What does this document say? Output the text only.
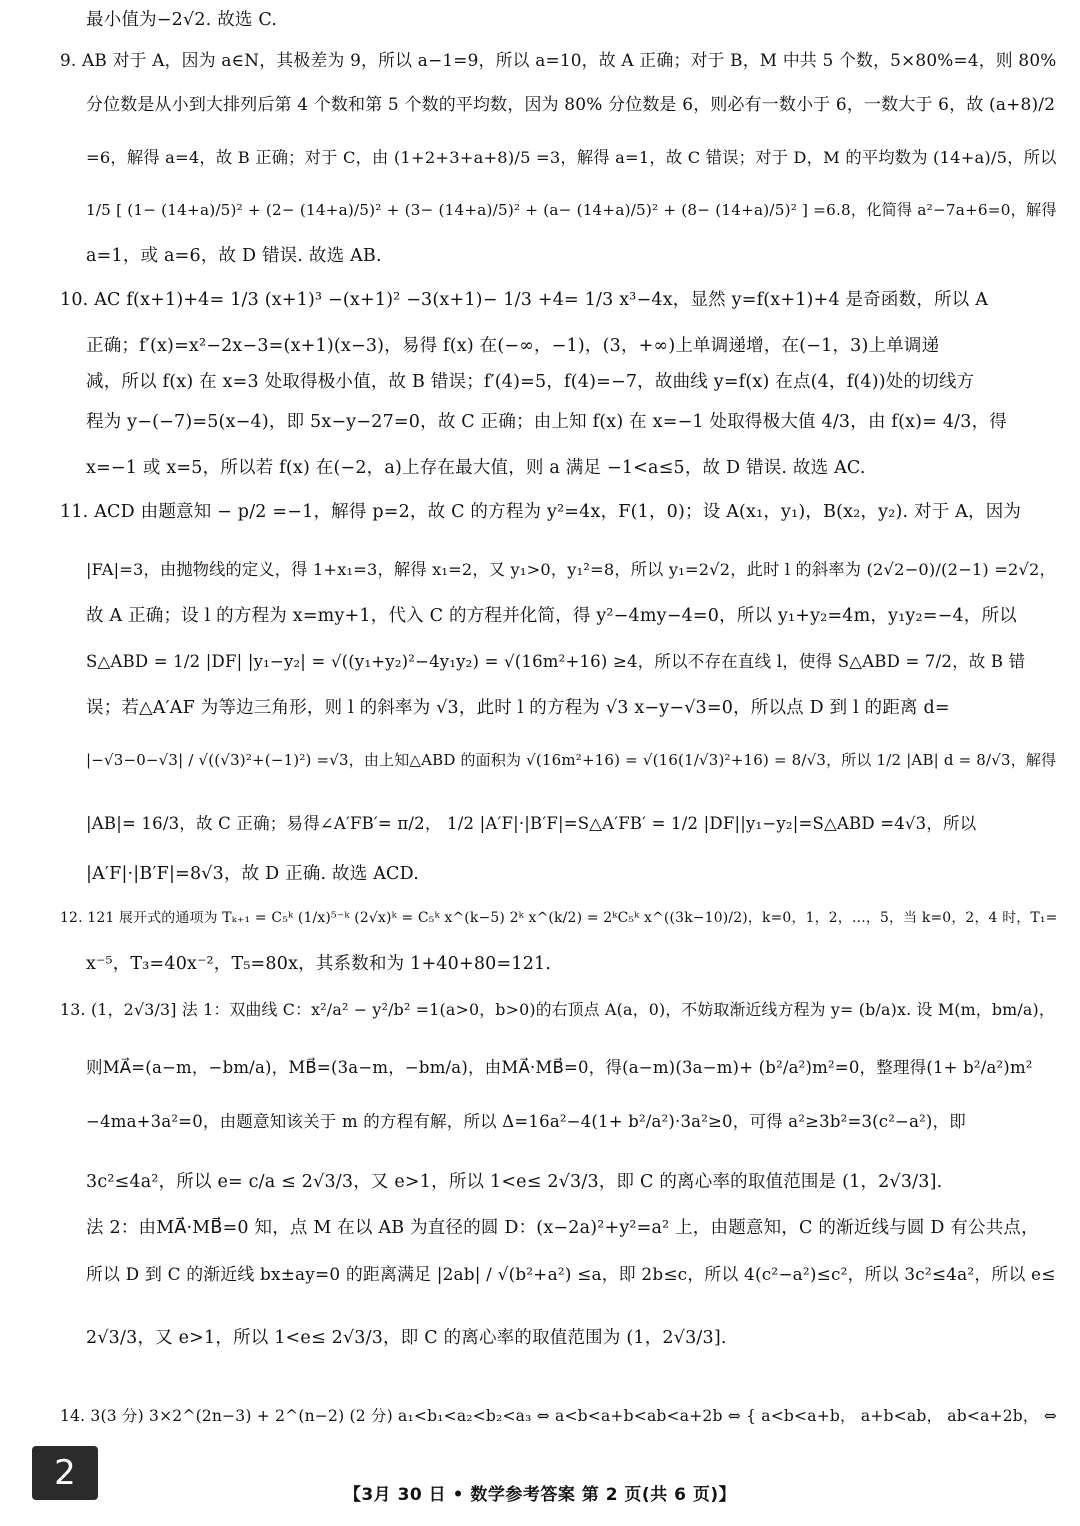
最小值为−2√2. 故选 C.
9. AB 对于 A，因为 a∈N，其极差为 9，所以 a−1=9，所以 a=10，故 A 正确；对于 B，M 中共 5 个数，5×80%=4，则 80%
分位数是从小到大排列后第 4 个数和第 5 个数的平均数，因为 80% 分位数是 6，则必有一数小于 6，一数大于 6，故 (a+8)/2
=6，解得 a=4，故 B 正确；对于 C，由 (1+2+3+a+8)/5 =3，解得 a=1，故 C 错误；对于 D，M 的平均数为 (14+a)/5，所以
1/5 [ (1− (14+a)/5)² + (2− (14+a)/5)² + (3− (14+a)/5)² + (a− (14+a)/5)² + (8− (14+a)/5)² ] =6.8，化简得 a²−7a+6=0，解得
a=1，或 a=6，故 D 错误. 故选 AB.
10. AC f(x+1)+4= 1/3 (x+1)³ −(x+1)² −3(x+1)− 1/3 +4= 1/3 x³−4x，显然 y=f(x+1)+4 是奇函数，所以 A
正确；f′(x)=x²−2x−3=(x+1)(x−3)，易得 f(x) 在(−∞，−1)，(3，+∞)上单调递增，在(−1，3)上单调递
减，所以 f(x) 在 x=3 处取得极小值，故 B 错误；f′(4)=5，f(4)=−7，故曲线 y=f(x) 在点(4，f(4))处的切线方
程为 y−(−7)=5(x−4)，即 5x−y−27=0，故 C 正确；由上知 f(x) 在 x=−1 处取得极大值 4/3，由 f(x)= 4/3，得
x=−1 或 x=5，所以若 f(x) 在(−2，a)上存在最大值，则 a 满足 −1<a≤5，故 D 错误. 故选 AC.
11. ACD 由题意知 − p/2 =−1，解得 p=2，故 C 的方程为 y²=4x，F(1，0)；设 A(x₁，y₁)，B(x₂，y₂). 对于 A，因为
|FA|=3，由抛物线的定义，得 1+x₁=3，解得 x₁=2，又 y₁>0，y₁²=8，所以 y₁=2√2，此时 l 的斜率为 (2√2−0)/(2−1) =2√2，
故 A 正确；设 l 的方程为 x=my+1，代入 C 的方程并化简，得 y²−4my−4=0，所以 y₁+y₂=4m，y₁y₂=−4，所以
S△ABD = 1/2 |DF| |y₁−y₂| = √((y₁+y₂)²−4y₁y₂) = √(16m²+16) ≥4，所以不存在直线 l，使得 S△ABD = 7/2，故 B 错
误；若△A′AF 为等边三角形，则 l 的斜率为 √3，此时 l 的方程为 √3 x−y−√3=0，所以点 D 到 l 的距离 d=
|−√3−0−√3| / √((√3)²+(−1)²) =√3，由上知△ABD 的面积为 √(16m²+16) = √(16(1/√3)²+16) = 8/√3，所以 1/2 |AB| d = 8/√3，解得
|AB|= 16/3，故 C 正确；易得∠A′FB′= π/2， 1/2 |A′F|·|B′F|=S△A′FB′ = 1/2 |DF||y₁−y₂|=S△ABD =4√3，所以
|A′F|·|B′F|=8√3，故 D 正确. 故选 ACD.
12. 121 展开式的通项为 Tₖ₊₁ = C₅ᵏ (1/x)⁵⁻ᵏ (2√x)ᵏ = C₅ᵏ x^(k−5) 2ᵏ x^(k/2) = 2ᵏC₅ᵏ x^((3k−10)/2)，k=0，1，2，…，5，当 k=0，2，4 时，T₁=
x⁻⁵，T₃=40x⁻²，T₅=80x，其系数和为 1+40+80=121.
13. (1，2√3/3] 法 1：双曲线 C：x²/a² − y²/b² =1(a>0，b>0)的右顶点 A(a，0)，不妨取渐近线方程为 y= (b/a)x. 设 M(m，bm/a)，
则MA⃗=(a−m，−bm/a)，MB⃗=(3a−m，−bm/a)，由MA⃗·MB⃗=0，得(a−m)(3a−m)+ (b²/a²)m²=0，整理得(1+ b²/a²)m²
−4ma+3a²=0，由题意知该关于 m 的方程有解，所以 Δ=16a²−4(1+ b²/a²)·3a²≥0，可得 a²≥3b²=3(c²−a²)，即
3c²≤4a²，所以 e= c/a ≤ 2√3/3，又 e>1，所以 1<e≤ 2√3/3，即 C 的离心率的取值范围是 (1，2√3/3].
法 2：由MA⃗·MB⃗=0 知，点 M 在以 AB 为直径的圆 D：(x−2a)²+y²=a² 上，由题意知，C 的渐近线与圆 D 有公共点，
所以 D 到 C 的渐近线 bx±ay=0 的距离满足 |2ab| / √(b²+a²) ≤a，即 2b≤c，所以 4(c²−a²)≤c²，所以 3c²≤4a²，所以 e≤
2√3/3，又 e>1，所以 1<e≤ 2√3/3，即 C 的离心率的取值范围为 (1，2√3/3].
14. 3(3 分) 3×2^(2n−3) + 2^(n−2) (2 分) a₁<b₁<a₂<b₂<a₃ ⇔ a<b<a+b<ab<a+2b ⇔ { a<b<a+b， a+b<ab， ab<a+2b， ⇔
2
【3月 30 日 • 数学参考答案 第 2 页(共 6 页)】
